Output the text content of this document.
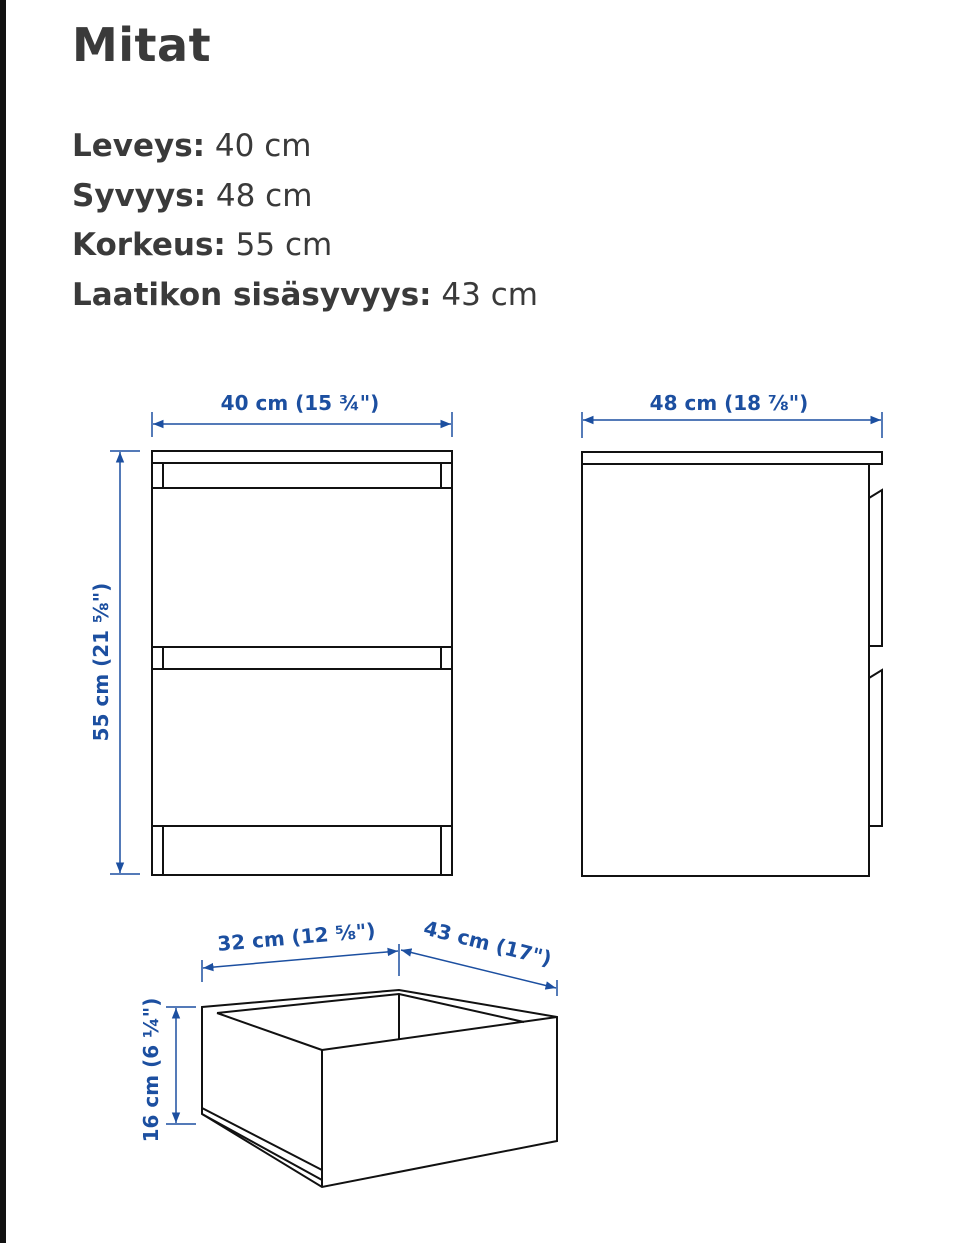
Mitat
Leveys: 40 cm
Syvyys: 48 cm
Korkeus: 55 cm
Laatikon sisäsyvyys: 43 cm
40 cm (15 ¾")
55 cm (21 ⅝")
48 cm (18 ⅞")
32 cm (12 ⅝") 43 cm (17")
16 cm (6 ¼")
